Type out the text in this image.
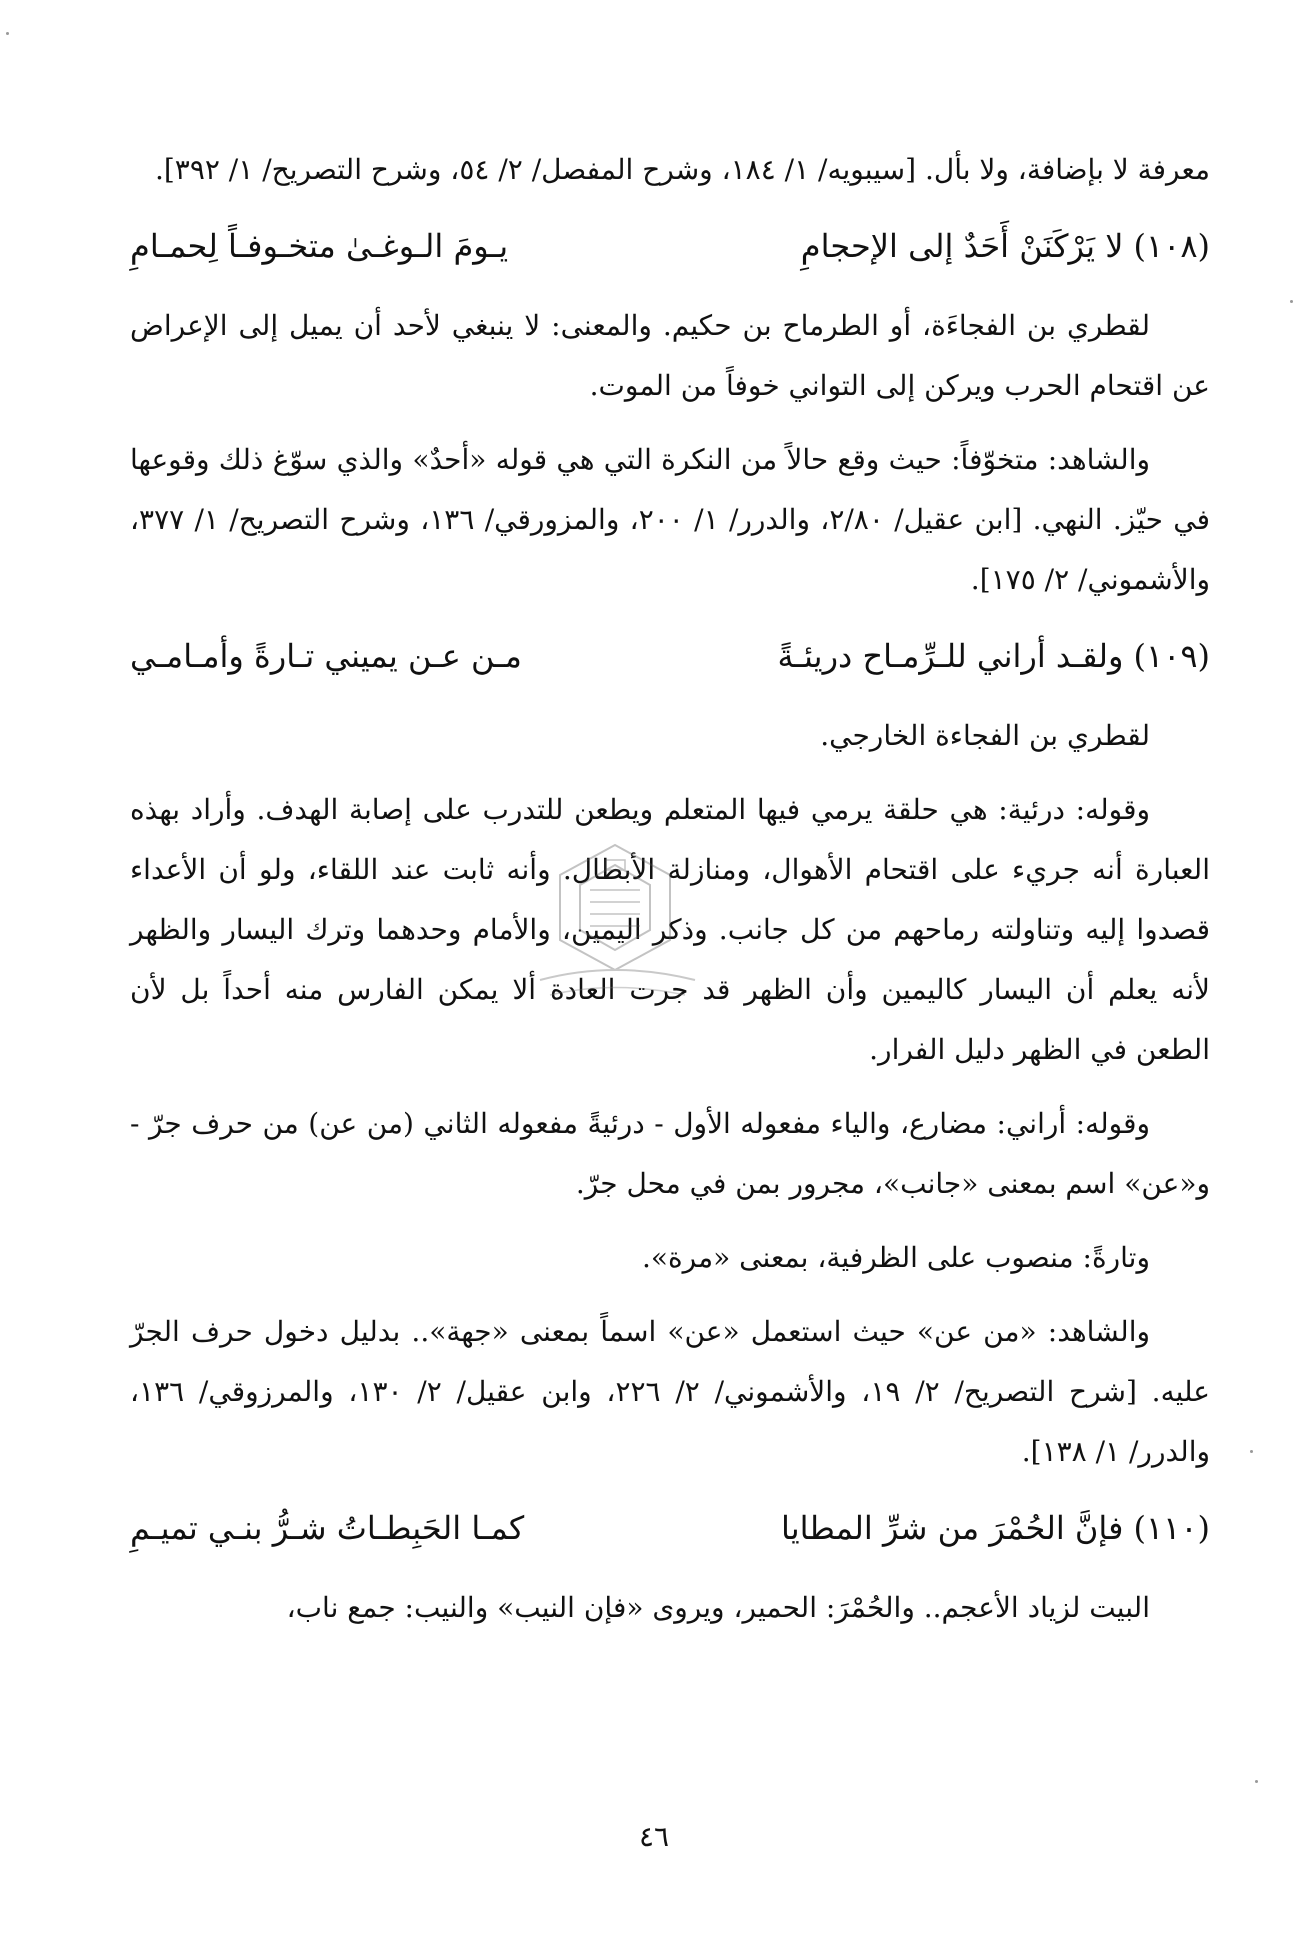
معرفة لا بإضافة، ولا بأل. [سيبويه/ ١/ ١٨٤، وشرح المفصل/ ٢/ ٥٤، وشرح التصريح/ ١/ ٣٩٢].

(١٠٨)لا يَرْكَنَنْ أَحَدٌ إلى الإحجامِ
يـومَ الـوغـىٰ متخـوفـاً لِحمـامِ

لقطري بن الفجاءَة، أو الطرماح بن حكيم. والمعنى: لا ينبغي لأحد أن يميل إلى الإعراض عن اقتحام الحرب ويركن إلى التواني خوفاً من الموت.

والشاهد: متخوّفاً: حيث وقع حالاً من النكرة التي هي قوله «أحدٌ» والذي سوّغ ذلك وقوعها في حيّز. النهي. [ابن عقيل/ ٢/٨٠، والدرر/ ١/ ٢٠٠، والمزورقي/ ١٣٦، وشرح التصريح/ ١/ ٣٧٧، والأشموني/ ٢/ ١٧٥].

(١٠٩)ولقـد أراني للـرِّمـاح دريئـةً
مـن عـن يميني تـارةً وأمـامـي

لقطري بن الفجاءة الخارجي.

وقوله: درئية: هي حلقة يرمي فيها المتعلم ويطعن للتدرب على إصابة الهدف. وأراد بهذه العبارة أنه جريء على اقتحام الأهوال، ومنازلة الأبطال. وأنه ثابت عند اللقاء، ولو أن الأعداء قصدوا إليه وتناولته رماحهم من كل جانب. وذكر اليمين، والأمام وحدهما وترك اليسار والظهر لأنه يعلم أن اليسار كاليمين وأن الظهر قد جرت العادة ألا يمكن الفارس منه أحداً بل لأن الطعن في الظهر دليل الفرار.

وقوله: أراني: مضارع، والياء مفعوله الأول - درئيةً مفعوله الثاني (من عن) من حرف جرّ - و«عن» اسم بمعنى «جانب»، مجرور بمن في محل جرّ.

وتارةً: منصوب على الظرفية، بمعنى «مرة».

والشاهد: «من عن» حيث استعمل «عن» اسماً بمعنى «جهة».. بدليل دخول حرف الجرّ عليه. [شرح التصريح/ ٢/ ١٩، والأشموني/ ٢/ ٢٢٦، وابن عقيل/ ٢/ ١٣٠، والمرزوقي/ ١٣٦، والدرر/ ١/ ١٣٨].

(١١٠)فإنَّ الحُمْرَ من شرِّ المطايا
كمـا الحَبِطـاتُ شـرُّ بنـي تميـمِ

البيت لزياد الأعجم.. والحُمْرَ: الحمير، ويروى «فإن النيب» والنيب: جمع ناب،

٤٦
